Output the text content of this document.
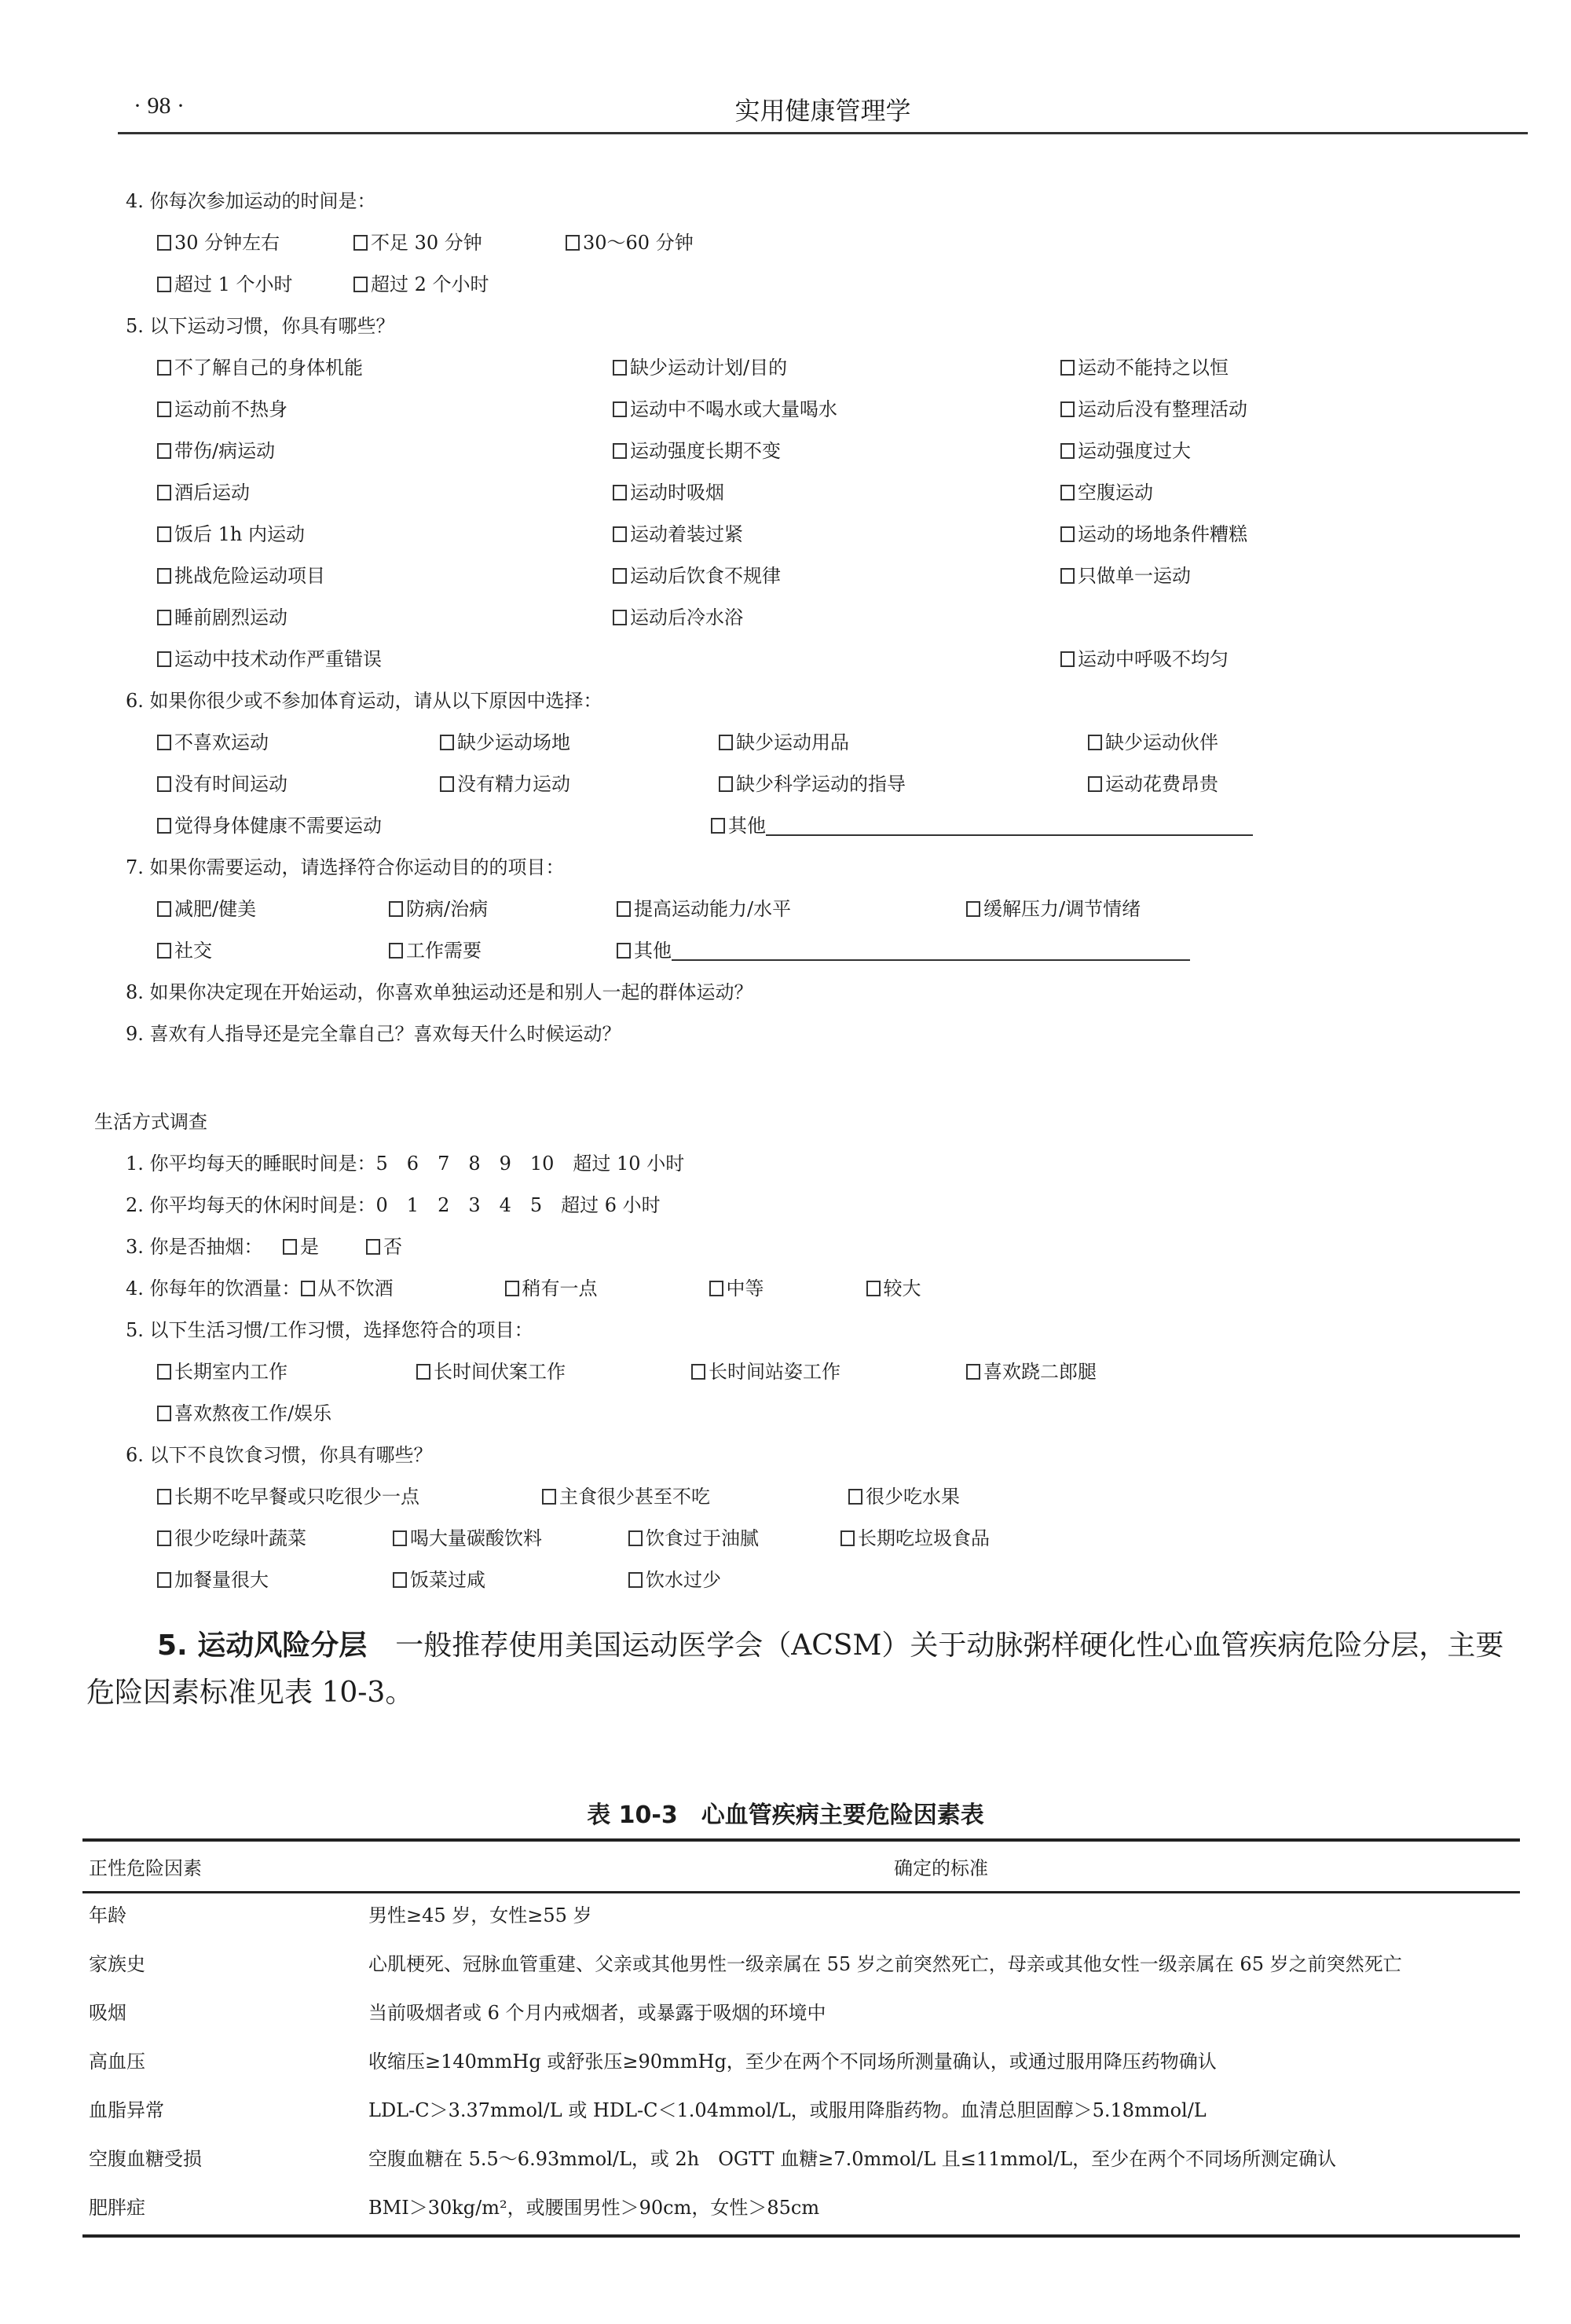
· 98 ·	实用健康管理学
4. 你每次参加运动的时间是：
30 分钟左右	不足 30 分钟	30～60 分钟
超过 1 个小时	超过 2 个小时
5. 以下运动习惯，你具有哪些？
不了解自己的身体机能	缺少运动计划/目的	运动不能持之以恒
运动前不热身	运动中不喝水或大量喝水	运动后没有整理活动
带伤/病运动	运动强度长期不变	运动强度过大
酒后运动	运动时吸烟	空腹运动
饭后 1h 内运动	运动着装过紧	运动的场地条件糟糕
挑战危险运动项目	运动后饮食不规律	只做单一运动
睡前剧烈运动	运动后冷水浴
运动中技术动作严重错误	运动中呼吸不均匀
6. 如果你很少或不参加体育运动，请从以下原因中选择：
不喜欢运动	缺少运动场地	缺少运动用品	缺少运动伙伴
没有时间运动	没有精力运动	缺少科学运动的指导	运动花费昂贵
觉得身体健康不需要运动	其他
7. 如果你需要运动，请选择符合你运动目的的项目：
减肥/健美	防病/治病	提高运动能力/水平	缓解压力/调节情绪
社交	工作需要	其他
8. 如果你决定现在开始运动，你喜欢单独运动还是和别人一起的群体运动？
9. 喜欢有人指导还是完全靠自己？喜欢每天什么时候运动？
生活方式调查
1. 你平均每天的睡眠时间是：5　6　7　8　9　10　超过 10 小时
2. 你平均每天的休闲时间是：0　1　2　3　4　5　超过 6 小时
3. 你是否抽烟：	是	否
4. 你每年的饮酒量： 从不饮酒	稍有一点	中等	较大
5. 以下生活习惯/工作习惯，选择您符合的项目：
长期室内工作	长时间伏案工作	长时间站姿工作	喜欢跷二郎腿
喜欢熬夜工作/娱乐
6. 以下不良饮食习惯，你具有哪些？
长期不吃早餐或只吃很少一点	主食很少甚至不吃	很少吃水果
很少吃绿叶蔬菜	喝大量碳酸饮料	饮食过于油腻	长期吃垃圾食品
加餐量很大	饭菜过咸	饮水过少
5. 运动风险分层 一般推荐使用美国运动医学会（ACSM）关于动脉粥样硬化性心血管疾病危险分层，主要危险因素标准见表 10-3。
表 10-3　心血管疾病主要危险因素表
正性危险因素	确定的标准
年龄	男性≥45 岁，女性≥55 岁
家族史	心肌梗死、冠脉血管重建、父亲或其他男性一级亲属在 55 岁之前突然死亡，母亲或其他女性一级亲属在 65 岁之前突然死亡
吸烟	当前吸烟者或 6 个月内戒烟者，或暴露于吸烟的环境中
高血压	收缩压≥140mmHg 或舒张压≥90mmHg，至少在两个不同场所测量确认，或通过服用降压药物确认
血脂异常	LDL-C＞3.37mmol/L 或 HDL-C＜1.04mmol/L，或服用降脂药物。血清总胆固醇＞5.18mmol/L
空腹血糖受损	空腹血糖在 5.5～6.93mmol/L，或 2h　OGTT 血糖≥7.0mmol/L 且≤11mmol/L，至少在两个不同场所测定确认
肥胖症	BMI＞30kg/m²，或腰围男性＞90cm，女性＞85cm
